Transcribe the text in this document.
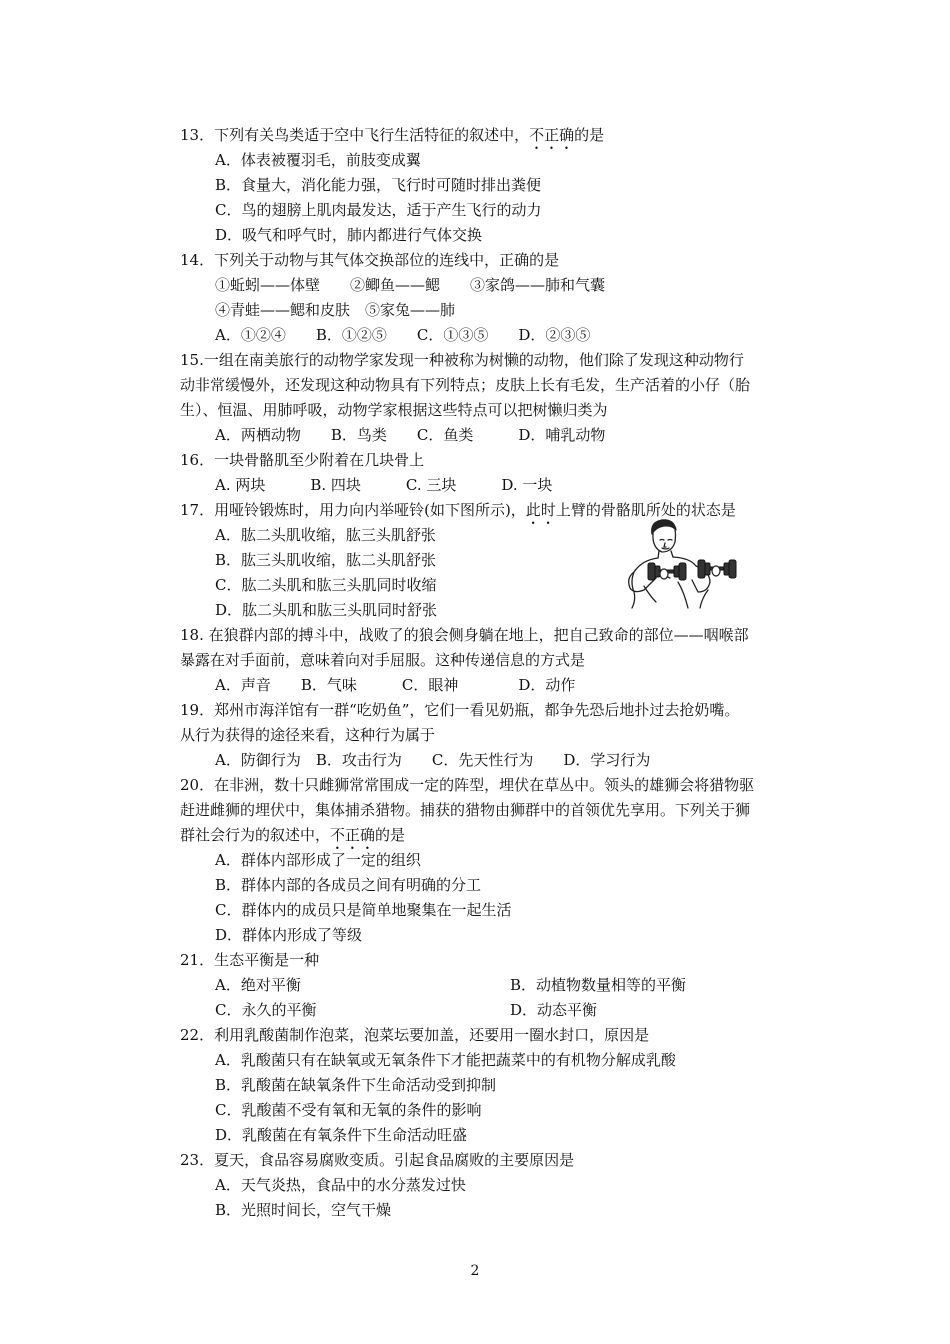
13．下列有关鸟类适于空中飞行生活特征的叙述中，不正确的是
A．体表被覆羽毛，前肢变成翼
B．食量大，消化能力强，飞行时可随时排出粪便
C．鸟的翅膀上肌肉最发达，适于产生飞行的动力
D．吸气和呼气时，肺内都进行气体交换
14．下列关于动物与其气体交换部位的连线中，正确的是
①蚯蚓——体壁　　②鲫鱼——鳃　　③家鸽——肺和气囊
④青蛙——鳃和皮肤　⑤家兔——肺
A．①②④　　B．①②⑤　　C．①③⑤　　D．②③⑤
15.一组在南美旅行的动物学家发现一种被称为树懒的动物，他们除了发现这种动物行
动非常缓慢外，还发现这种动物具有下列特点；皮肤上长有毛发，生产活着的小仔（胎
生）、恒温、用肺呼吸，动物学家根据这些特点可以把树懒归类为
A．两栖动物　　B．鸟类　　C．鱼类　　　D．哺乳动物
16．一块骨骼肌至少附着在几块骨上
A. 两块　　　B. 四块　　　C. 三块　　　D. 一块
17．用哑铃锻炼时，用力向内举哑铃(如下图所示)，此时上臂的骨骼肌所处的状态是
A．肱二头肌收缩，肱三头肌舒张
B．肱三头肌收缩，肱二头肌舒张
C．肱二头肌和肱三头肌同时收缩
D．肱二头肌和肱三头肌同时舒张
18. 在狼群内部的搏斗中，战败了的狼会侧身躺在地上，把自己致命的部位——咽喉部
暴露在对手面前，意味着向对手屈服。这种传递信息的方式是
A．声音　　B．气味　　　C．眼神　　　　D．动作
19．郑州市海洋馆有一群“吃奶鱼”，它们一看见奶瓶，都争先恐后地扑过去抢奶嘴。
从行为获得的途径来看，这种行为属于
A．防御行为　B．攻击行为　　C．先天性行为　　D．学习行为
20．在非洲，数十只雌狮常常围成一定的阵型，埋伏在草丛中。领头的雄狮会将猎物驱
赶进雌狮的埋伏中，集体捕杀猎物。捕获的猎物由狮群中的首领优先享用。下列关于狮
群社会行为的叙述中，不正确的是
A．群体内部形成了一定的组织
B．群体内部的各成员之间有明确的分工
C．群体内的成员只是简单地聚集在一起生活
D．群体内形成了等级
21．生态平衡是一种
A．绝对平衡	B．动植物数量相等的平衡
C．永久的平衡	D．动态平衡
22．利用乳酸菌制作泡菜，泡菜坛要加盖，还要用一圈水封口，原因是
A．乳酸菌只有在缺氧或无氧条件下才能把蔬菜中的有机物分解成乳酸
B．乳酸菌在缺氧条件下生命活动受到抑制
C．乳酸菌不受有氧和无氧的条件的影响
D．乳酸菌在有氧条件下生命活动旺盛
23．夏天，食品容易腐败变质。引起食品腐败的主要原因是
A．天气炎热，食品中的水分蒸发过快
B．光照时间长，空气干燥
2
